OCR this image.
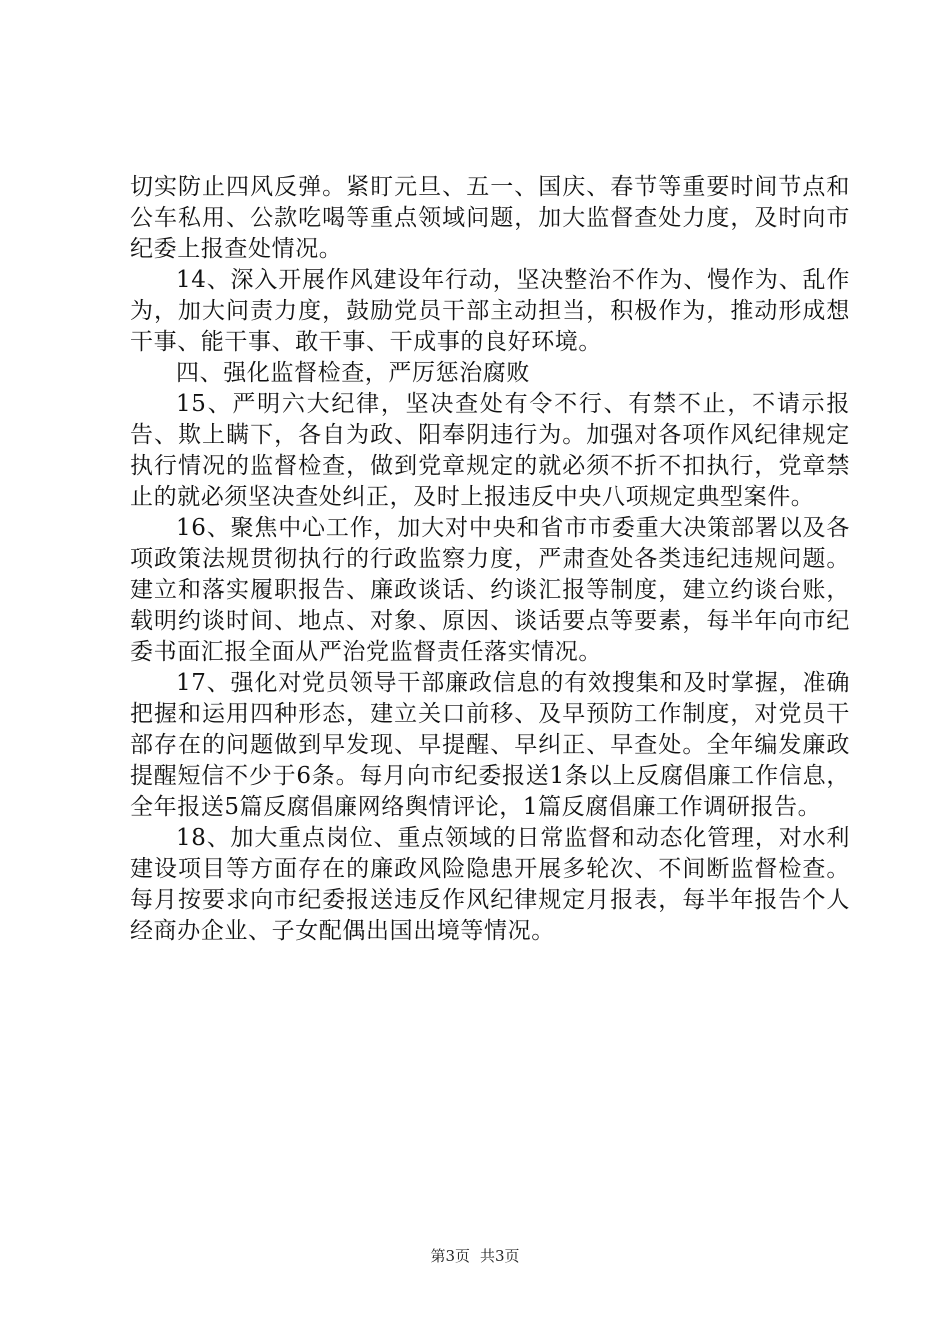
切实防止四风反弹。紧盯元旦、五一、国庆、春节等重要时间节点和公车私用、公款吃喝等重点领域问题，加大监督查处力度，及时向市纪委上报查处情况。

14、深入开展作风建设年行动，坚决整治不作为、慢作为、乱作为，加大问责力度，鼓励党员干部主动担当，积极作为，推动形成想干事、能干事、敢干事、干成事的良好环境。

四、强化监督检查，严厉惩治腐败

15、严明六大纪律，坚决查处有令不行、有禁不止，不请示报告、欺上瞒下，各自为政、阳奉阴违行为。加强对各项作风纪律规定执行情况的监督检查，做到党章规定的就必须不折不扣执行，党章禁止的就必须坚决查处纠正，及时上报违反中央八项规定典型案件。

16、聚焦中心工作，加大对中央和省市市委重大决策部署以及各项政策法规贯彻执行的行政监察力度，严肃查处各类违纪违规问题。建立和落实履职报告、廉政谈话、约谈汇报等制度，建立约谈台账，载明约谈时间、地点、对象、原因、谈话要点等要素，每半年向市纪委书面汇报全面从严治党监督责任落实情况。

17、强化对党员领导干部廉政信息的有效搜集和及时掌握，准确把握和运用四种形态，建立关口前移、及早预防工作制度，对党员干部存在的问题做到早发现、早提醒、早纠正、早查处。全年编发廉政提醒短信不少于6条。每月向市纪委报送1条以上反腐倡廉工作信息，全年报送5篇反腐倡廉网络舆情评论，1篇反腐倡廉工作调研报告。

18、加大重点岗位、重点领域的日常监督和动态化管理，对水利建设项目等方面存在的廉政风险隐患开展多轮次、不间断监督检查。每月按要求向市纪委报送违反作风纪律规定月报表，每半年报告个人经商办企业、子女配偶出国出境等情况。

第3页 共3页
